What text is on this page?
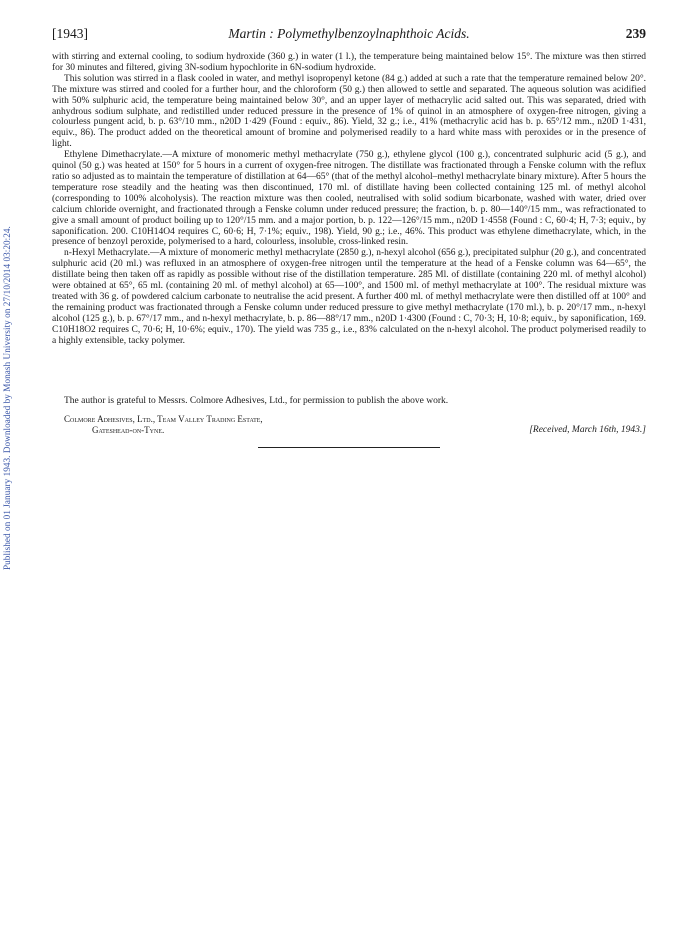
Published on 01 January 1943. Downloaded by Monash University on 27/10/2014 03:20:24.
[1943]	Martin : Polymethylbenzoylnaphthoic Acids.	239

with stirring and external cooling, to sodium hydroxide (360 g.) in water (1 l.), the temperature being maintained below 15°. The mixture was then stirred for 30 minutes and filtered, giving 3N-sodium hypochlorite in 6N-sodium hydroxide.

This solution was stirred in a flask cooled in water, and methyl isopropenyl ketone (84 g.) added at such a rate that the temperature remained below 20°. The mixture was stirred and cooled for a further hour, and the chloroform (50 g.) then allowed to settle and separated. The aqueous solution was acidified with 50% sulphuric acid, the temperature being maintained below 30°, and an upper layer of methacrylic acid salted out. This was separated, dried with anhydrous sodium sulphate, and redistilled under reduced pressure in the presence of 1% of quinol in an atmosphere of oxygen-free nitrogen, giving a colourless pungent acid, b. p. 63°/10 mm., n20D 1·429 (Found : equiv., 86). Yield, 32 g.; i.e., 41% (methacrylic acid has b. p. 65°/12 mm., n20D 1·431, equiv., 86). The product added on the theoretical amount of bromine and polymerised readily to a hard white mass with peroxides or in the presence of light.

Ethylene Dimethacrylate.—A mixture of monomeric methyl methacrylate (750 g.), ethylene glycol (100 g.), concentrated sulphuric acid (5 g.), and quinol (50 g.) was heated at 150° for 5 hours in a current of oxygen-free nitrogen. The distillate was fractionated through a Fenske column with the reflux ratio so adjusted as to maintain the temperature of distillation at 64—65° (that of the methyl alcohol–methyl methacrylate binary mixture). After 5 hours the temperature rose steadily and the heating was then discontinued, 170 ml. of distillate having been collected containing 125 ml. of methyl alcohol (corresponding to 100% alcoholysis). The reaction mixture was then cooled, neutralised with solid sodium bicarbonate, washed with water, dried over calcium chloride overnight, and fractionated through a Fenske column under reduced pressure; the fraction, b. p. 80—140°/15 mm., was refractionated to give a small amount of product boiling up to 120°/15 mm. and a major portion, b. p. 122—126°/15 mm., n20D 1·4558 (Found : C, 60·4; H, 7·3; equiv., by saponification. 200. C10H14O4 requires C, 60·6; H, 7·1%; equiv., 198). Yield, 90 g.; i.e., 46%. This product was ethylene dimethacrylate, which, in the presence of benzoyl peroxide, polymerised to a hard, colourless, insoluble, cross-linked resin.

n-Hexyl Methacrylate.—A mixture of monomeric methyl methacrylate (2850 g.), n-hexyl alcohol (656 g.), precipitated sulphur (20 g.), and concentrated sulphuric acid (20 ml.) was refluxed in an atmosphere of oxygen-free nitrogen until the temperature at the head of a Fenske column was 64—65°, the distillate being then taken off as rapidly as possible without rise of the distillation temperature. 285 Ml. of distillate (containing 220 ml. of methyl alcohol) were obtained at 65°, 65 ml. (containing 20 ml. of methyl alcohol) at 65—100°, and 1500 ml. of methyl methacrylate at 100°. The residual mixture was treated with 36 g. of powdered calcium carbonate to neutralise the acid present. A further 400 ml. of methyl methacrylate were then distilled off at 100° and the remaining product was fractionated through a Fenske column under reduced pressure to give methyl methacrylate (170 ml.), b. p. 20°/17 mm., n-hexyl alcohol (125 g.), b. p. 67°/17 mm., and n-hexyl methacrylate, b. p. 86—88°/17 mm., n20D 1·4300 (Found : C, 70·3; H, 10·8; equiv., by saponification, 169. C10H18O2 requires C, 70·6; H, 10·6%; equiv., 170). The yield was 735 g., i.e., 83% calculated on the n-hexyl alcohol. The product polymerised readily to a highly extensible, tacky polymer.

The author is grateful to Messrs. Colmore Adhesives, Ltd., for permission to publish the above work.

Colmore Adhesives, Ltd., Team Valley Trading Estate,
Gateshead-on-Tyne.	[Received, March 16th, 1943.]
